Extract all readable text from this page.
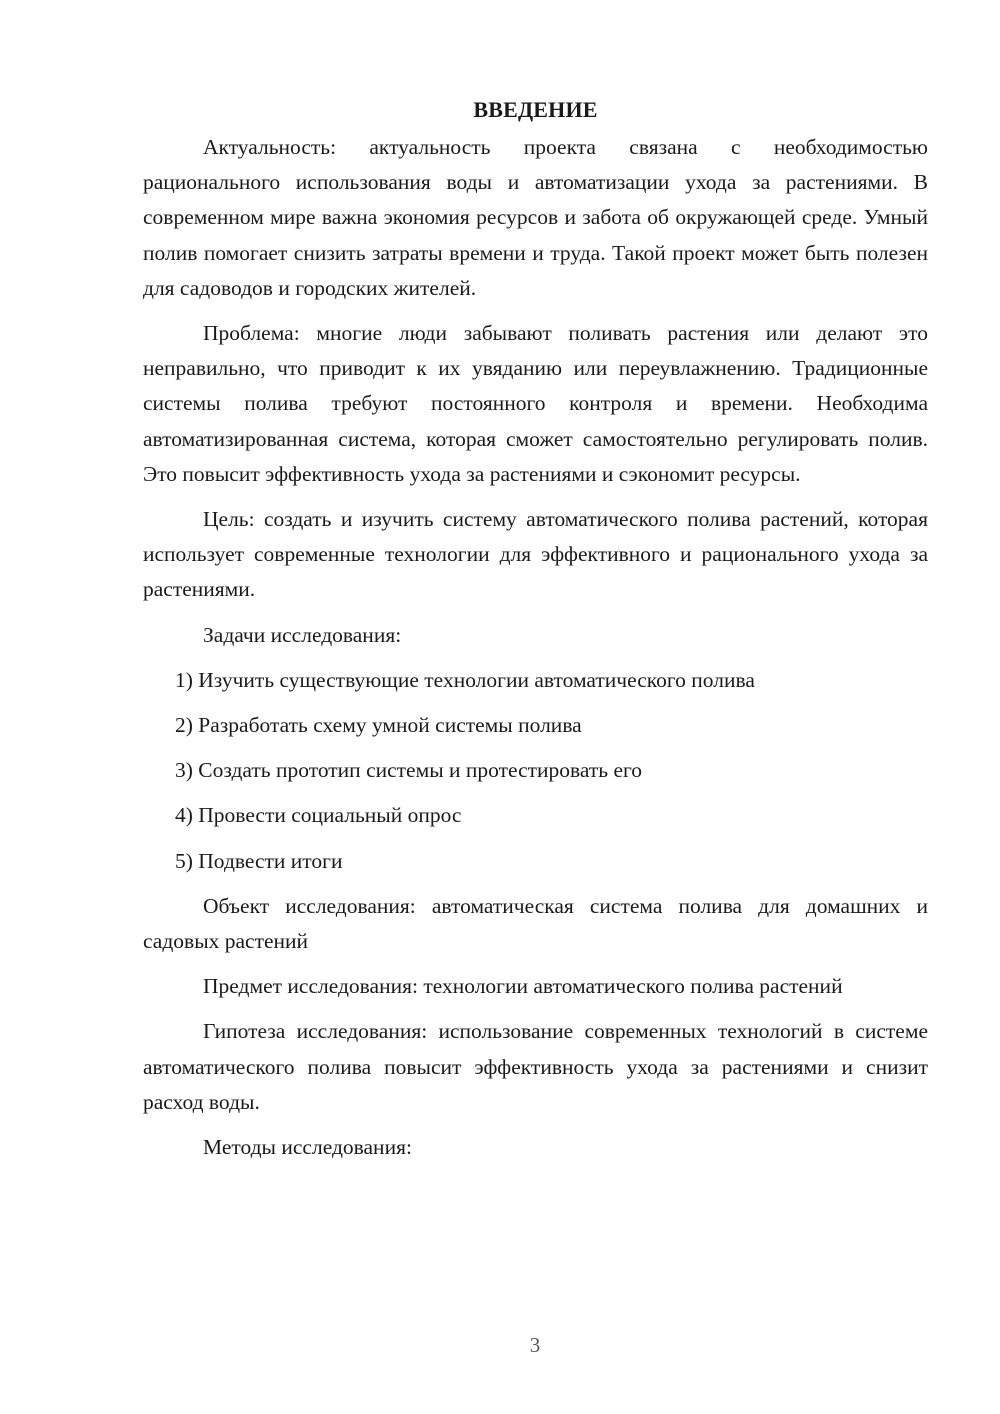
ВВЕДЕНИЕ

Актуальность: актуальность проекта связана с необходимостью рационального использования воды и автоматизации ухода за растениями. В современном мире важна экономия ресурсов и забота об окружающей среде. Умный полив помогает снизить затраты времени и труда. Такой проект может быть полезен для садоводов и городских жителей.

Проблема: многие люди забывают поливать растения или делают это неправильно, что приводит к их увяданию или переувлажнению. Традиционные системы полива требуют постоянного контроля и времени. Необходима автоматизированная система, которая сможет самостоятельно регулировать полив. Это повысит эффективность ухода за растениями и сэкономит ресурсы.

Цель: создать и изучить систему автоматического полива растений, которая использует современные технологии для эффективного и рационального ухода за растениями.

Задачи исследования:

1) Изучить существующие технологии автоматического полива
2) Разработать схему умной системы полива
3) Создать прототип системы и протестировать его
4) Провести социальный опрос
5) Подвести итоги

Объект исследования: автоматическая система полива для домашних и садовых растений

Предмет исследования: технологии автоматического полива растений

Гипотеза исследования: использование современных технологий в системе автоматического полива повысит эффективность ухода за растениями и снизит расход воды.

Методы исследования:

3
